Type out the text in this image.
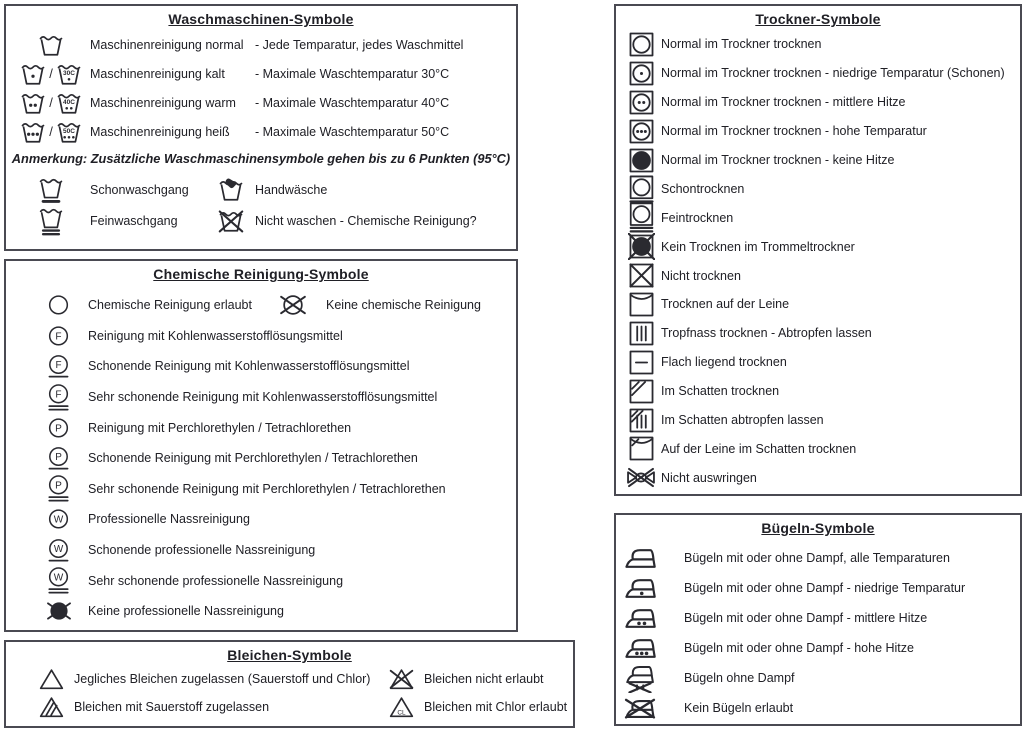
Waschmaschinen-Symbole
Maschinenreinigung normal - Jede Temparatur, jedes Waschmittel
/ 30C Maschinenreinigung kalt	- Maximale Waschtemparatur 30°C
/ 40C Maschinenreinigung warm	- Maximale Waschtemparatur 40°C
/ 50C Maschinenreinigung heiß	- Maximale Waschtemparatur 50°C
Anmerkung: Zusätzliche Waschmaschinensymbole gehen bis zu 6 Punkten (95°C)
Schonwaschgang	Handwäsche
Feinwaschgang	Nicht waschen - Chemische Reinigung?
Chemische Reinigung-Symbole
Chemische Reinigung erlaubt	Keine chemische Reinigung
F Reinigung mit Kohlenwasserstofflösungsmittel
F Schonende Reinigung mit Kohlenwasserstofflösungsmittel
F Sehr schonende Reinigung mit Kohlenwasserstofflösungsmittel
P Reinigung mit Perchlorethylen / Tetrachlorethen
P Schonende Reinigung mit Perchlorethylen / Tetrachlorethen
P Sehr schonende Reinigung mit Perchlorethylen / Tetrachlorethen
W Professionelle Nassreinigung
W Schonende professionelle Nassreinigung
W Sehr schonende professionelle Nassreinigung
Keine professionelle Nassreinigung
Bleichen-Symbole
Jegliches Bleichen zugelassen (Sauerstoff und Chlor)	Bleichen nicht erlaubt
Bleichen mit Sauerstoff zugelassen	CL Bleichen mit Chlor erlaubt
Trockner-Symbole
Normal im Trockner trocknen
Normal im Trockner trocknen - niedrige Temparatur (Schonen)
Normal im Trockner trocknen - mittlere Hitze
Normal im Trockner trocknen - hohe Temparatur
Normal im Trockner trocknen - keine Hitze
Schontrocknen
Feintrocknen
Kein Trocknen im Trommeltrockner
Nicht trocknen
Trocknen auf der Leine
Tropfnass trocknen - Abtropfen lassen
Flach liegend trocknen
Im Schatten trocknen
Im Schatten abtropfen lassen
Auf der Leine im Schatten trocknen
Nicht auswringen
Bügeln-Symbole
Bügeln mit oder ohne Dampf, alle Temparaturen
Bügeln mit oder ohne Dampf - niedrige Temparatur
Bügeln mit oder ohne Dampf - mittlere Hitze
Bügeln mit oder ohne Dampf - hohe Hitze
Bügeln ohne Dampf
Kein Bügeln erlaubt
